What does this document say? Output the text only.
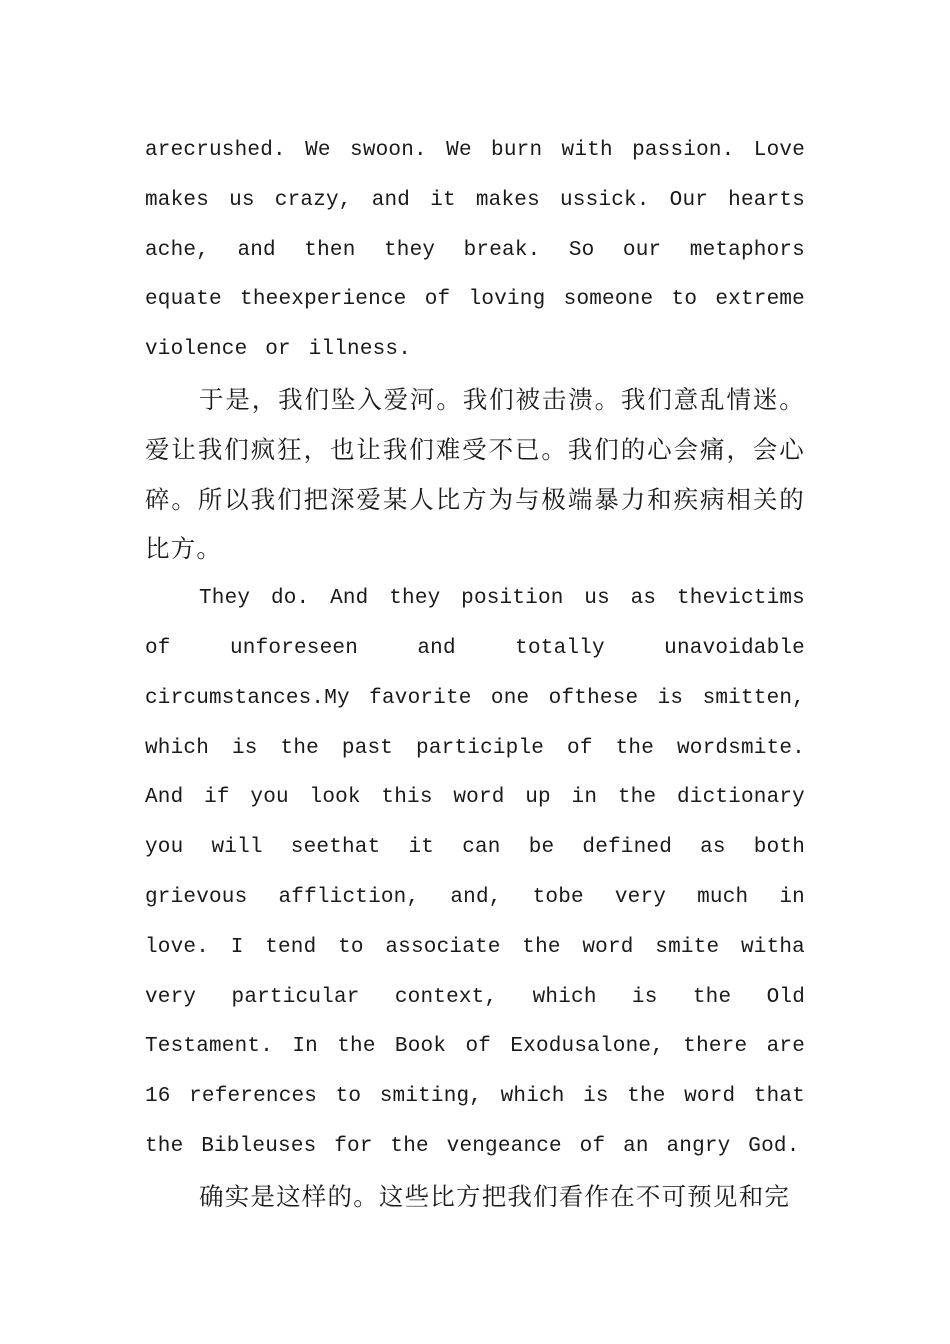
arecrushed. We swoon. We burn with passion. Love makes us crazy, and it makes ussick. Our hearts ache, and then they break. So our metaphors equate theexperience of loving someone to extreme violence or illness.

于是，我们坠入爱河。我们被击溃。我们意乱情迷。爱让我们疯狂，也让我们难受不已。我们的心会痛，会心碎。所以我们把深爱某人比方为与极端暴力和疾病相关的比方。

They do. And they position us as thevictims of unforeseen and totally unavoidable circumstances.My favorite one ofthese is smitten, which is the past participle of the wordsmite. And if you look this word up in the dictionary you will seethat it can be defined as both grievous affliction, and, tobe very much in love. I tend to associate the word smite witha very particular context, which is the Old Testament. In the Book of Exodusalone, there are 16 references to smiting, which is the word that the Bibleuses for the vengeance of an angry God.

确实是这样的。这些比方把我们看作在不可预见和完
